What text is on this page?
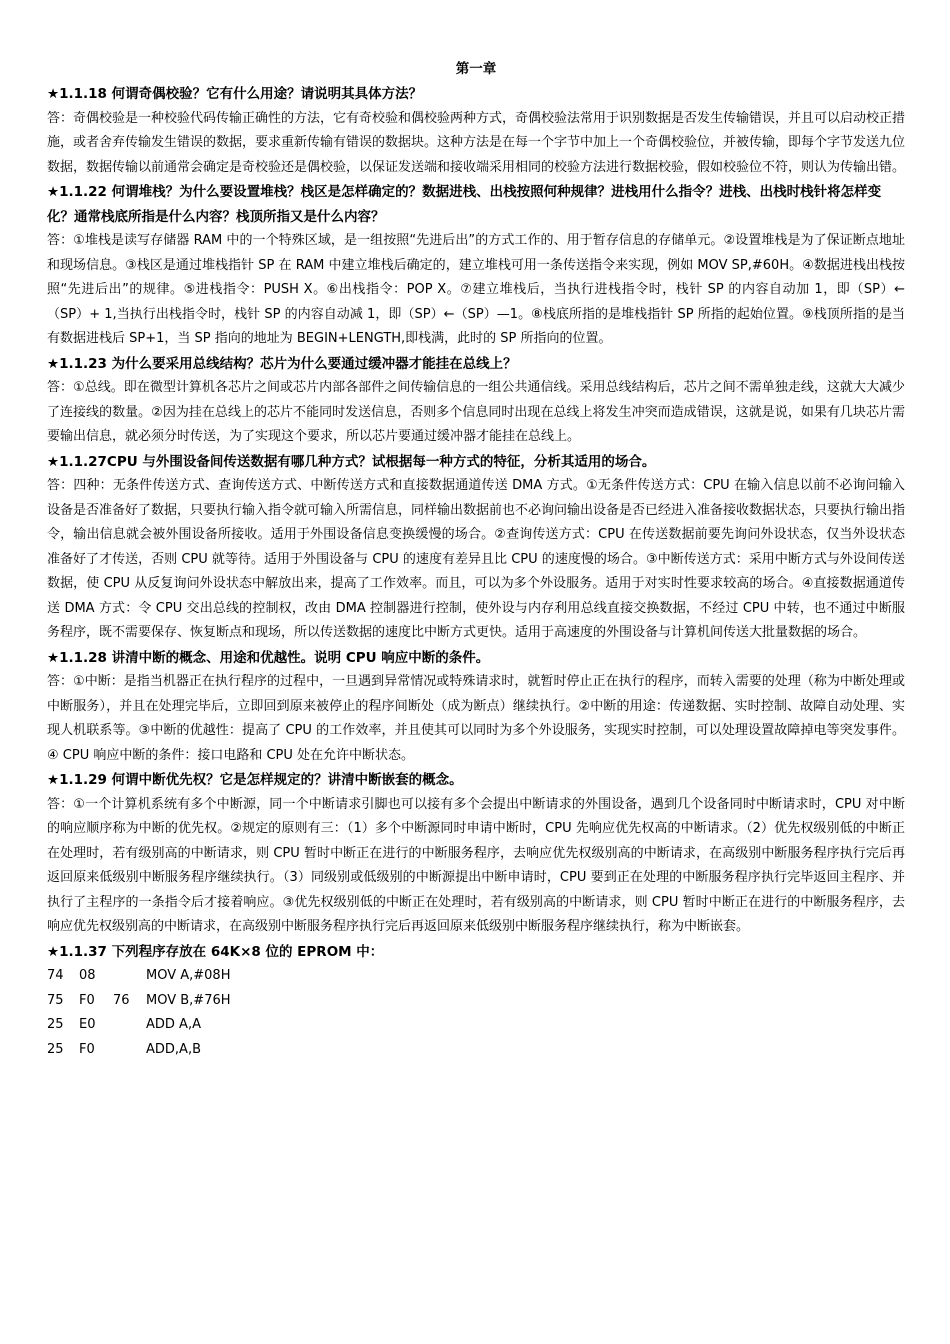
第一章

★1.1.18 何谓奇偶校验？它有什么用途？请说明其具体方法？

答：奇偶校验是一种校验代码传输正确性的方法，它有奇校验和偶校验两种方式，奇偶校验法常用于识别数据是否发生传输错误，并且可以启动校正措施，或者舍弃传输发生错误的数据，要求重新传输有错误的数据块。这种方法是在每一个字节中加上一个奇偶校验位，并被传输，即每个字节发送九位数据，数据传输以前通常会确定是奇校验还是偶校验，以保证发送端和接收端采用相同的校验方法进行数据校验，假如校验位不符，则认为传输出错。

★1.1.22 何谓堆栈？为什么要设置堆栈？栈区是怎样确定的？数据进栈、出栈按照何种规律？进栈用什么指令？进栈、出栈时栈针将怎样变化？通常栈底所指是什么内容？栈顶所指又是什么内容？

答：①堆栈是读写存储器 RAM 中的一个特殊区域，是一组按照“先进后出”的方式工作的、用于暂存信息的存储单元。②设置堆栈是为了保证断点地址和现场信息。③栈区是通过堆栈指针 SP 在 RAM 中建立堆栈后确定的，建立堆栈可用一条传送指令来实现，例如 MOV SP,#60H。④数据进栈出栈按照“先进后出”的规律。⑤进栈指令：PUSH X。⑥出栈指令：POP X。⑦建立堆栈后，当执行进栈指令时，栈针 SP 的内容自动加 1，即（SP）←（SP）+ 1,当执行出栈指令时，栈针 SP 的内容自动减 1，即（SP）←（SP）—1。⑧栈底所指的是堆栈指针 SP 所指的起始位置。⑨栈顶所指的是当有数据进栈后 SP+1，当 SP 指向的地址为 BEGIN+LENGTH,即栈满，此时的 SP 所指向的位置。

★1.1.23 为什么要采用总线结构？芯片为什么要通过缓冲器才能挂在总线上？

答：①总线。即在微型计算机各芯片之间或芯片内部各部件之间传输信息的一组公共通信线。采用总线结构后，芯片之间不需单独走线，这就大大减少了连接线的数量。②因为挂在总线上的芯片不能同时发送信息，否则多个信息同时出现在总线上将发生冲突而造成错误，这就是说，如果有几块芯片需要输出信息，就必须分时传送，为了实现这个要求，所以芯片要通过缓冲器才能挂在总线上。

★1.1.27CPU 与外围设备间传送数据有哪几种方式？试根据每一种方式的特征，分析其适用的场合。

答：四种：无条件传送方式、查询传送方式、中断传送方式和直接数据通道传送 DMA 方式。①无条件传送方式：CPU 在输入信息以前不必询问输入设备是否准备好了数据，只要执行输入指令就可输入所需信息，同样输出数据前也不必询问输出设备是否已经进入准备接收数据状态，只要执行输出指令，输出信息就会被外围设备所接收。适用于外围设备信息变换缓慢的场合。②查询传送方式：CPU 在传送数据前要先询问外设状态，仅当外设状态准备好了才传送，否则 CPU 就等待。适用于外围设备与 CPU 的速度有差异且比 CPU 的速度慢的场合。③中断传送方式：采用中断方式与外设间传送数据，使 CPU 从反复询问外设状态中解放出来，提高了工作效率。而且，可以为多个外设服务。适用于对实时性要求较高的场合。④直接数据通道传送 DMA 方式：令 CPU 交出总线的控制权，改由 DMA 控制器进行控制，使外设与内存利用总线直接交换数据，不经过 CPU 中转，也不通过中断服务程序，既不需要保存、恢复断点和现场，所以传送数据的速度比中断方式更快。适用于高速度的外围设备与计算机间传送大批量数据的场合。

★1.1.28 讲清中断的概念、用途和优越性。说明 CPU 响应中断的条件。

答：①中断：是指当机器正在执行程序的过程中，一旦遇到异常情况或特殊请求时，就暂时停止正在执行的程序，而转入需要的处理（称为中断处理或中断服务），并且在处理完毕后，立即回到原来被停止的程序间断处（成为断点）继续执行。②中断的用途：传递数据、实时控制、故障自动处理、实现人机联系等。③中断的优越性：提高了 CPU 的工作效率，并且使其可以同时为多个外设服务，实现实时控制，可以处理设置故障掉电等突发事件。④ CPU 响应中断的条件：接口电路和 CPU 处在允许中断状态。

★1.1.29 何谓中断优先权？它是怎样规定的？讲清中断嵌套的概念。

答：①一个计算机系统有多个中断源，同一个中断请求引脚也可以接有多个会提出中断请求的外围设备，遇到几个设备同时中断请求时，CPU 对中断的响应顺序称为中断的优先权。②规定的原则有三：（1）多个中断源同时申请中断时，CPU 先响应优先权高的中断请求。（2）优先权级别低的中断正在处理时，若有级别高的中断请求，则 CPU 暂时中断正在进行的中断服务程序，去响应优先权级别高的中断请求，在高级别中断服务程序执行完后再返回原来低级别中断服务程序继续执行。（3）同级别或低级别的中断源提出中断申请时，CPU 要到正在处理的中断服务程序执行完毕返回主程序、并执行了主程序的一条指令后才接着响应。③优先权级别低的中断正在处理时，若有级别高的中断请求，则 CPU 暂时中断正在进行的中断服务程序，去响应优先权级别高的中断请求，在高级别中断服务程序执行完后再返回原来低级别中断服务程序继续执行，称为中断嵌套。

★1.1.37 下列程序存放在 64K×8 位的 EPROM 中：

74 08	MOV A,#08H
75 F0 76 MOV B,#76H
25 E0	ADD A,A
25 F0	ADD,A,B
